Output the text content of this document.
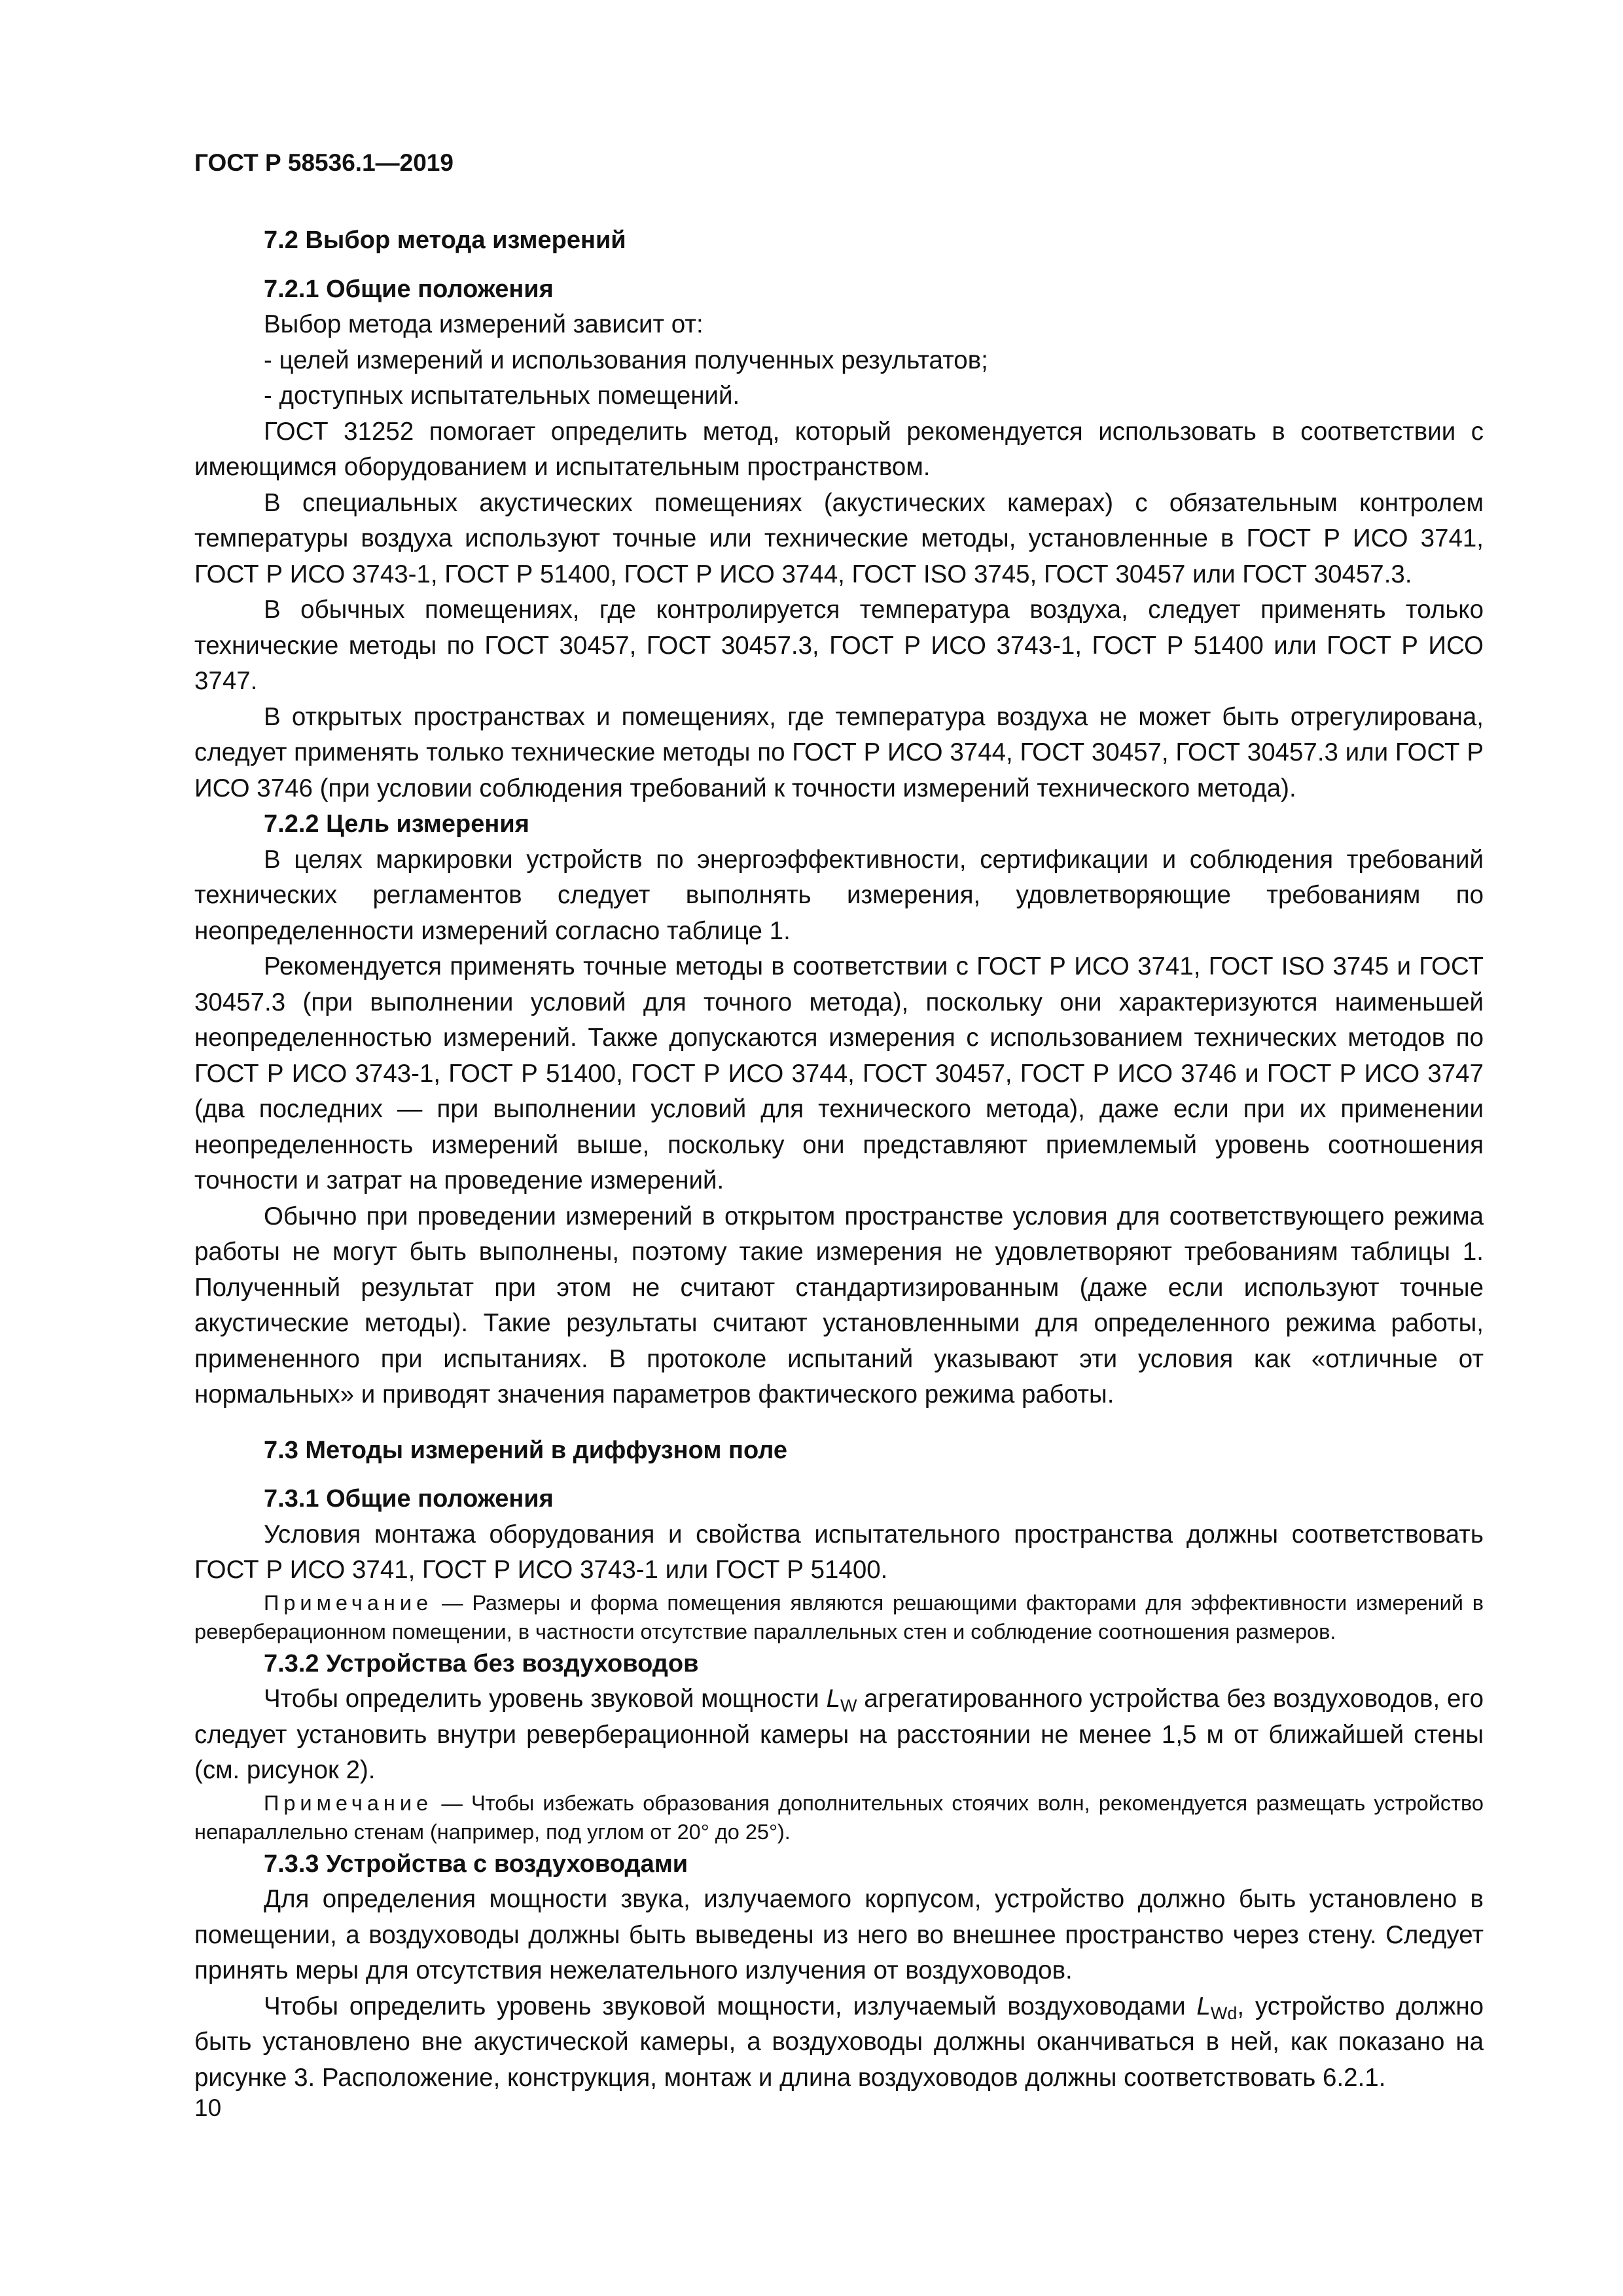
ГОСТ Р 58536.1—2019
7.2 Выбор метода измерений
7.2.1 Общие положения

Выбор метода измерений зависит от:

- целей измерений и использования полученных результатов;

- доступных испытательных помещений.

ГОСТ 31252 помогает определить метод, который рекомендуется использовать в соответствии с имеющимся оборудованием и испытательным пространством.

В специальных акустических помещениях (акустических камерах) с обязательным контролем температуры воздуха используют точные или технические методы, установленные в ГОСТ Р ИСО 3741, ГОСТ Р ИСО 3743-1, ГОСТ Р 51400, ГОСТ Р ИСО 3744, ГОСТ ISO 3745, ГОСТ 30457 или ГОСТ 30457.3.

В обычных помещениях, где контролируется температура воздуха, следует применять только технические методы по ГОСТ 30457, ГОСТ 30457.3, ГОСТ Р ИСО 3743-1, ГОСТ Р 51400 или ГОСТ Р ИСО 3747.

В открытых пространствах и помещениях, где температура воздуха не может быть отрегулирована, следует применять только технические методы по ГОСТ Р ИСО 3744, ГОСТ 30457, ГОСТ 30457.3 или ГОСТ Р ИСО 3746 (при условии соблюдения требований к точности измерений технического метода).

7.2.2 Цель измерения

В целях маркировки устройств по энергоэффективности, сертификации и соблюдения требований технических регламентов следует выполнять измерения, удовлетворяющие требованиям по неопределенности измерений согласно таблице 1.

Рекомендуется применять точные методы в соответствии с ГОСТ Р ИСО 3741, ГОСТ ISO 3745 и ГОСТ 30457.3 (при выполнении условий для точного метода), поскольку они характеризуются наименьшей неопределенностью измерений. Также допускаются измерения с использованием технических методов по ГОСТ Р ИСО 3743-1, ГОСТ Р 51400, ГОСТ Р ИСО 3744, ГОСТ 30457, ГОСТ Р ИСО 3746 и ГОСТ Р ИСО 3747 (два последних — при выполнении условий для технического метода), даже если при их применении неопределенность измерений выше, поскольку они представляют приемлемый уровень соотношения точности и затрат на проведение измерений.

Обычно при проведении измерений в открытом пространстве условия для соответствующего режима работы не могут быть выполнены, поэтому такие измерения не удовлетворяют требованиям таблицы 1. Полученный результат при этом не считают стандартизированным (даже если используют точные акустические методы). Такие результаты считают установленными для определенного режима работы, примененного при испытаниях. В протоколе испытаний указывают эти условия как «отличные от нормальных» и приводят значения параметров фактического режима работы.

7.3 Методы измерений в диффузном поле
7.3.1 Общие положения

Условия монтажа оборудования и свойства испытательного пространства должны соответствовать ГОСТ Р ИСО 3741, ГОСТ Р ИСО 3743-1 или ГОСТ Р 51400.

Примечание — Размеры и форма помещения являются решающими факторами для эффективности измерений в реверберационном помещении, в частности отсутствие параллельных стен и соблюдение соотношения размеров.

7.3.2 Устройства без воздуховодов

Чтобы определить уровень звуковой мощности $L_W$ агрегатированного устройства без воздуховодов, его следует установить внутри реверберационной камеры на расстоянии не менее 1,5 м от ближайшей стены (см. рисунок 2).

Примечание — Чтобы избежать образования дополнительных стоячих волн, рекомендуется размещать устройство непараллельно стенам (например, под углом от 20° до 25°).

7.3.3 Устройства с воздуховодами

Для определения мощности звука, излучаемого корпусом, устройство должно быть установлено в помещении, а воздуховоды должны быть выведены из него во внешнее пространство через стену. Следует принять меры для отсутствия нежелательного излучения от воздуховодов.

Чтобы определить уровень звуковой мощности, излучаемый воздуховодами $L_{Wd}$, устройство должно быть установлено вне акустической камеры, а воздуховоды должны оканчиваться в ней, как показано на рисунке 3. Расположение, конструкция, монтаж и длина воздуховодов должны соответствовать 6.2.1.

10
